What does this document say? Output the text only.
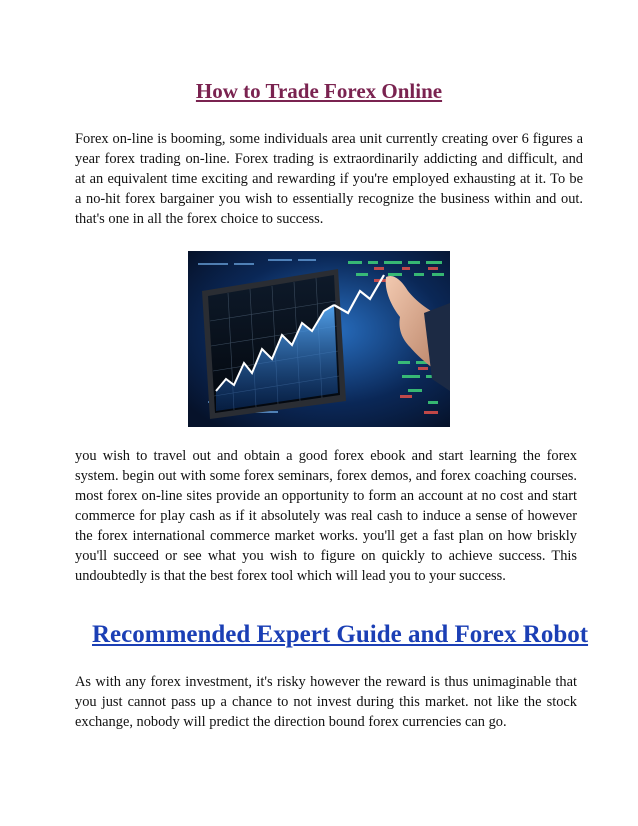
How to Trade Forex Online

Forex on-line is booming, some individuals area unit currently creating over 6 figures a year forex trading on-line. Forex trading is extraordinarily addicting and difficult, and at an equivalent time exciting and rewarding if you're employed exhausting at it. To be a no-hit forex bargainer you wish to essentially recognize the business within and out. that's one in all the forex choice to success.

you wish to travel out and obtain a good forex ebook and start learning the forex system. begin out with some forex seminars, forex demos, and forex coaching courses. most forex on-line sites provide an opportunity to form an account at no cost and start commerce for play cash as if it absolutely was real cash to induce a sense of however the forex international commerce market works. you'll get a fast plan on how briskly you'll succeed or see what you wish to figure on quickly to achieve success. This undoubtedly is that the best forex tool which will lead you to your success.

Recommended Expert Guide and Forex Robot

As with any forex investment, it's risky however the reward is thus unimaginable that you just cannot pass up a chance to not invest during this market. not like the stock exchange, nobody will predict the direction bound forex currencies can go.
